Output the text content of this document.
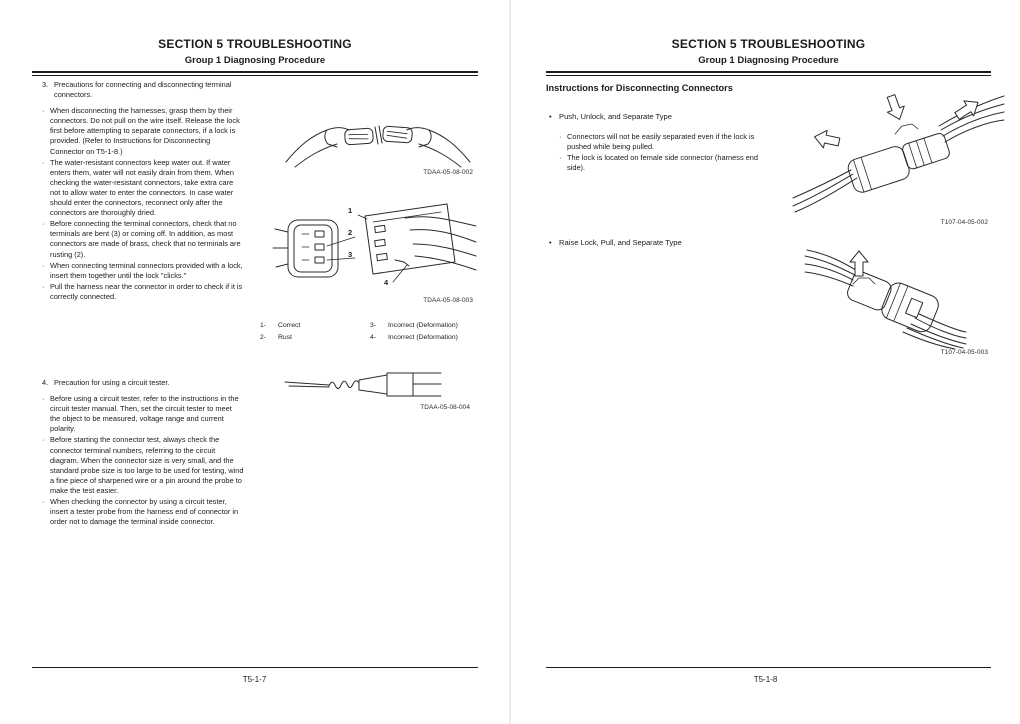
SECTION 5 TROUBLESHOOTING
Group 1 Diagnosing Procedure
3. Precautions for connecting and disconnecting terminal connectors.
· When disconnecting the harnesses, grasp them by their connectors. Do not pull on the wire itself. Release the lock first before attempting to separate connectors, if a lock is provided. (Refer to Instructions for Disconnecting Connector on T5-1-8.)
· The water-resistant connectors keep water out. If water enters them, water will not easily drain from them. When checking the water-resistant connectors, take extra care not to allow water to enter the connectors. In case water should enter the connectors, reconnect only after the connectors are thoroughly dried.
· Before connecting the terminal connectors, check that no terminals are bent (3) or coming off. In addition, as most connectors are made of brass, check that no terminals are rusting (2).
· When connecting terminal connectors provided with a lock, insert them together until the lock "clicks."
· Pull the harness near the connector in order to check if it is correctly connected.
TDAA-05-08-002
1
2
3
4
TDAA-05-08-003
1-	Correct	3-	Incorrect (Deformation)
2-	Rust	4-	Incorrect (Deformation)
4. Precaution for using a circuit tester.
· Before using a circuit tester, refer to the instructions in the circuit tester manual. Then, set the circuit tester to meet the object to be measured, voltage range and current polarity.
· Before starting the connector test, always check the connector terminal numbers, referring to the circuit diagram. When the connector size is very small, and the standard probe size is too large to be used for testing, wind a fine piece of sharpened wire or a pin around the probe to make the test easier.
· When checking the connector by using a circuit tester, insert a tester probe from the harness end of connector in order not to damage the terminal inside connector.
TDAA-05-08-004
T5-1-7
SECTION 5 TROUBLESHOOTING
Group 1 Diagnosing Procedure
Instructions for Disconnecting Connectors
• Push, Unlock, and Separate Type
· Connectors will not be easily separated even if the lock is pushed while being pulled.
· The lock is located on female side connector (harness end side).
T107-04-05-002
• Raise Lock, Pull, and Separate Type
T107-04-05-003
T5-1-8
